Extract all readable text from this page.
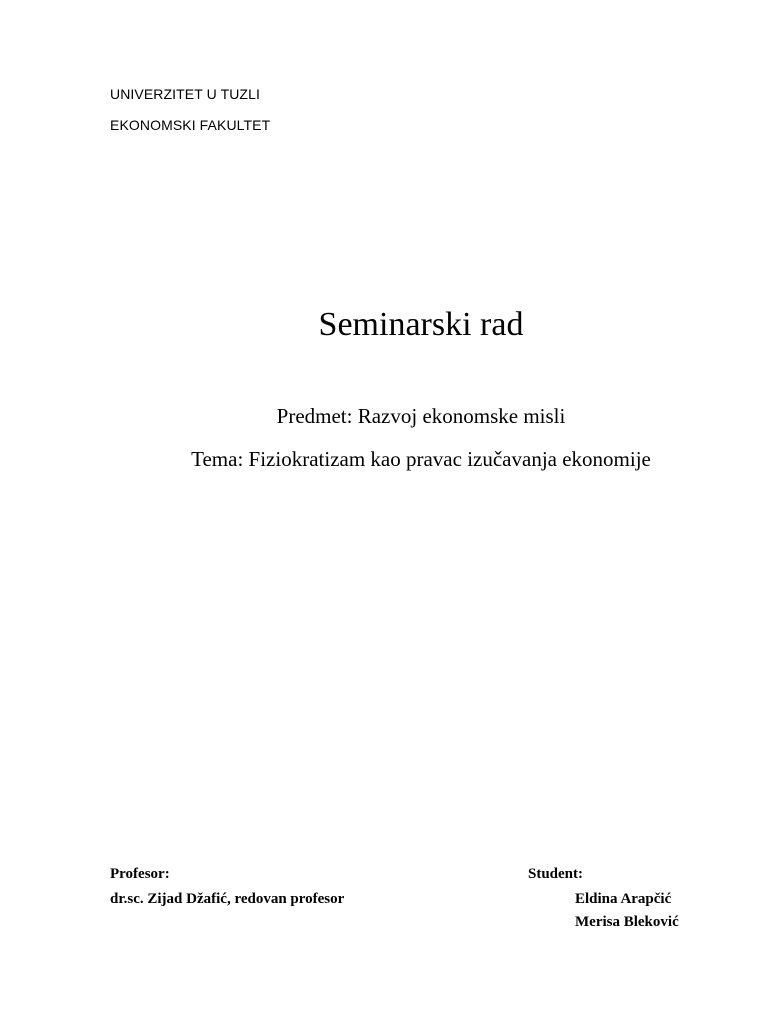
UNIVERZITET U TUZLI
EKONOMSKI FAKULTET
Seminarski rad
Predmet: Razvoj ekonomske misli
Tema: Fiziokratizam kao pravac izučavanja ekonomije
Profesor:
dr.sc. Zijad Džafić, redovan profesor
Student:
Eldina Arapčić
Merisa Bleković
